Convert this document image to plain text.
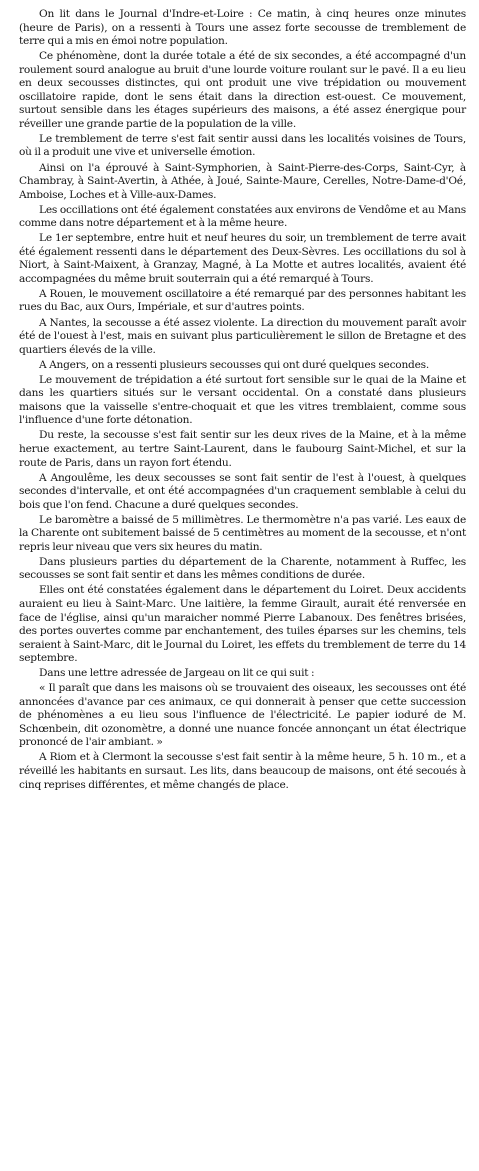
On lit dans le Journal d'Indre-et-Loire : Ce matin, à cinq heures onze minutes (heure de Paris), on a ressenti à Tours une assez forte secousse de tremblement de terre qui a mis en émoi notre population.

Ce phénomène, dont la durée totale a été de six secondes, a été accompagné d'un roulement sourd analogue au bruit d'une lourde voiture roulant sur le pavé. Il a eu lieu en deux secousses distinctes, qui ont produit une vive trépidation ou mouvement oscillatoire rapide, dont le sens était dans la direction est-ouest. Ce mouvement, surtout sensible dans les étages supérieurs des maisons, a été assez énergique pour réveiller une grande partie de la population de la ville.

Le tremblement de terre s'est fait sentir aussi dans les localités voisines de Tours, où il a produit une vive et universelle émotion.

Ainsi on l'a éprouvé à Saint-Symphorien, à Saint-Pierre-des-Corps, Saint-Cyr, à Chambray, à Saint-Avertin, à Athée, à Joué, Sainte-Maure, Cerelles, Notre-Dame-d'Oé, Amboise, Loches et à Ville-aux-Dames.

Les occillations ont été également constatées aux environs de Vendôme et au Mans comme dans notre département et à la même heure.

Le 1er septembre, entre huit et neuf heures du soir, un tremblement de terre avait été également ressenti dans le département des Deux-Sèvres. Les occillations du sol à Niort, à Saint-Maixent, à Granzay, Magné, à La Motte et autres localités, avaient été accompagnées du même bruit souterrain qui a été remarqué à Tours.

A Rouen, le mouvement oscillatoire a été remarqué par des personnes habitant les rues du Bac, aux Ours, Impériale, et sur d'autres points.

A Nantes, la secousse a été assez violente. La direction du mouvement paraît avoir été de l'ouest à l'est, mais en suivant plus particulièrement le sillon de Bretagne et des quartiers élevés de la ville.

A Angers, on a ressenti plusieurs secousses qui ont duré quelques secondes.

Le mouvement de trépidation a été surtout fort sensible sur le quai de la Maine et dans les quartiers situés sur le versant occidental. On a constaté dans plusieurs maisons que la vaisselle s'entre-choquait et que les vitres tremblaient, comme sous l'influence d'une forte détonation.

Du reste, la secousse s'est fait sentir sur les deux rives de la Maine, et à la même herue exactement, au tertre Saint-Laurent, dans le faubourg Saint-Michel, et sur la route de Paris, dans un rayon fort étendu.

A Angoulême, les deux secousses se sont fait sentir de l'est à l'ouest, à quelques secondes d'intervalle, et ont été accompagnées d'un craquement semblable à celui du bois que l'on fend. Chacune a duré quelques secondes.

Le baromètre a baissé de 5 millimètres. Le thermomètre n'a pas varié. Les eaux de la Charente ont subitement baissé de 5 centimètres au moment de la secousse, et n'ont repris leur niveau que vers six heures du matin.

Dans plusieurs parties du département de la Charente, notamment à Ruffec, les secousses se sont fait sentir et dans les mêmes conditions de durée.

Elles ont été constatées également dans le département du Loiret. Deux accidents auraient eu lieu à Saint-Marc. Une laitière, la femme Girault, aurait été renversée en face de l'église, ainsi qu'un maraicher nommé Pierre Labanoux. Des fenêtres brisées, des portes ouvertes comme par enchantement, des tuiles éparses sur les chemins, tels seraient à Saint-Marc, dit le Journal du Loiret, les effets du tremblement de terre du 14 septembre.

Dans une lettre adressée de Jargeau on lit ce qui suit :

« Il paraît que dans les maisons où se trouvaient des oiseaux, les secousses ont été annoncées d'avance par ces animaux, ce qui donnerait à penser que cette succession de phénomènes a eu lieu sous l'influence de l'électricité. Le papier ioduré de M. Schœnbein, dit ozonomètre, a donné une nuance foncée annonçant un état électrique prononcé de l'air ambiant. »

A Riom et à Clermont la secousse s'est fait sentir à la même heure, 5 h. 10 m., et a réveillé les habitants en sursaut. Les lits, dans beaucoup de maisons, ont été secoués à cinq reprises différentes, et même changés de place.
